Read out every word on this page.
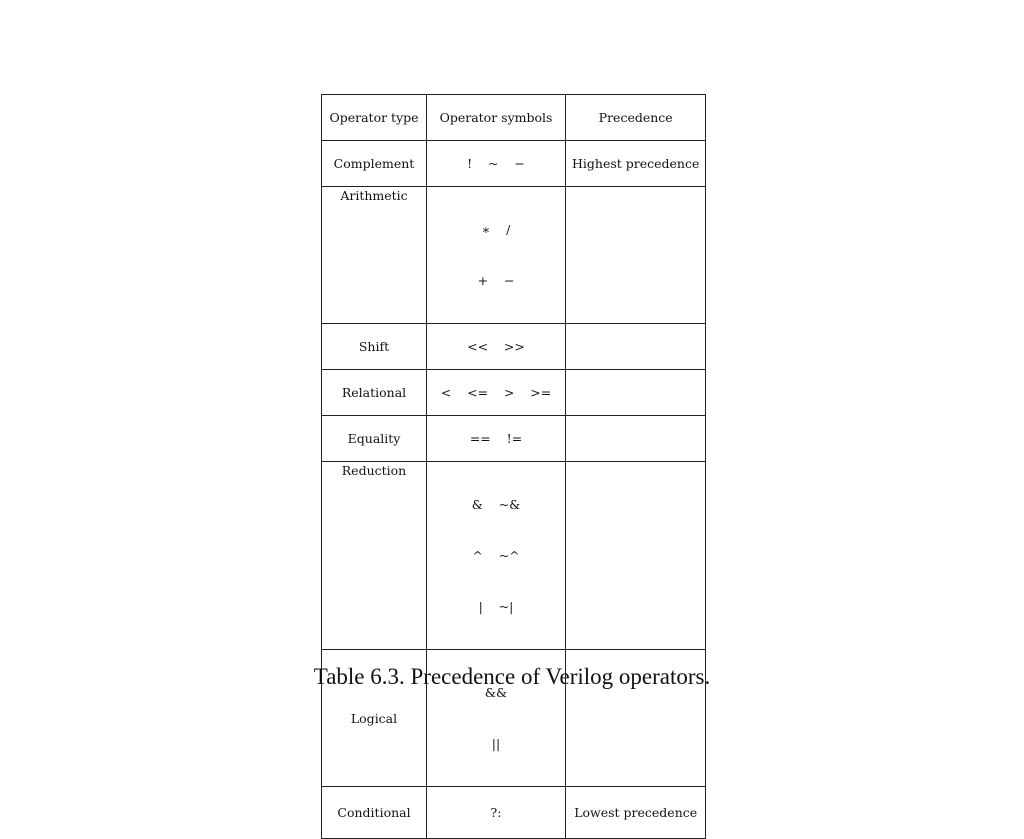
Operator type	Operator symbols	Precedence
Complement	!    ~    −	Highest precedence
Arithmetic	∗    /

+    −	

Shift	<<    >>	

Relational	<    <=    >    >=	

Equality	==    !=	

Reduction	&    ~&

^    ~^

|    ~|	

Logical	&&

||	

Conditional	?:	Lowest precedence
Table 6.3. Precedence of Verilog operators.
